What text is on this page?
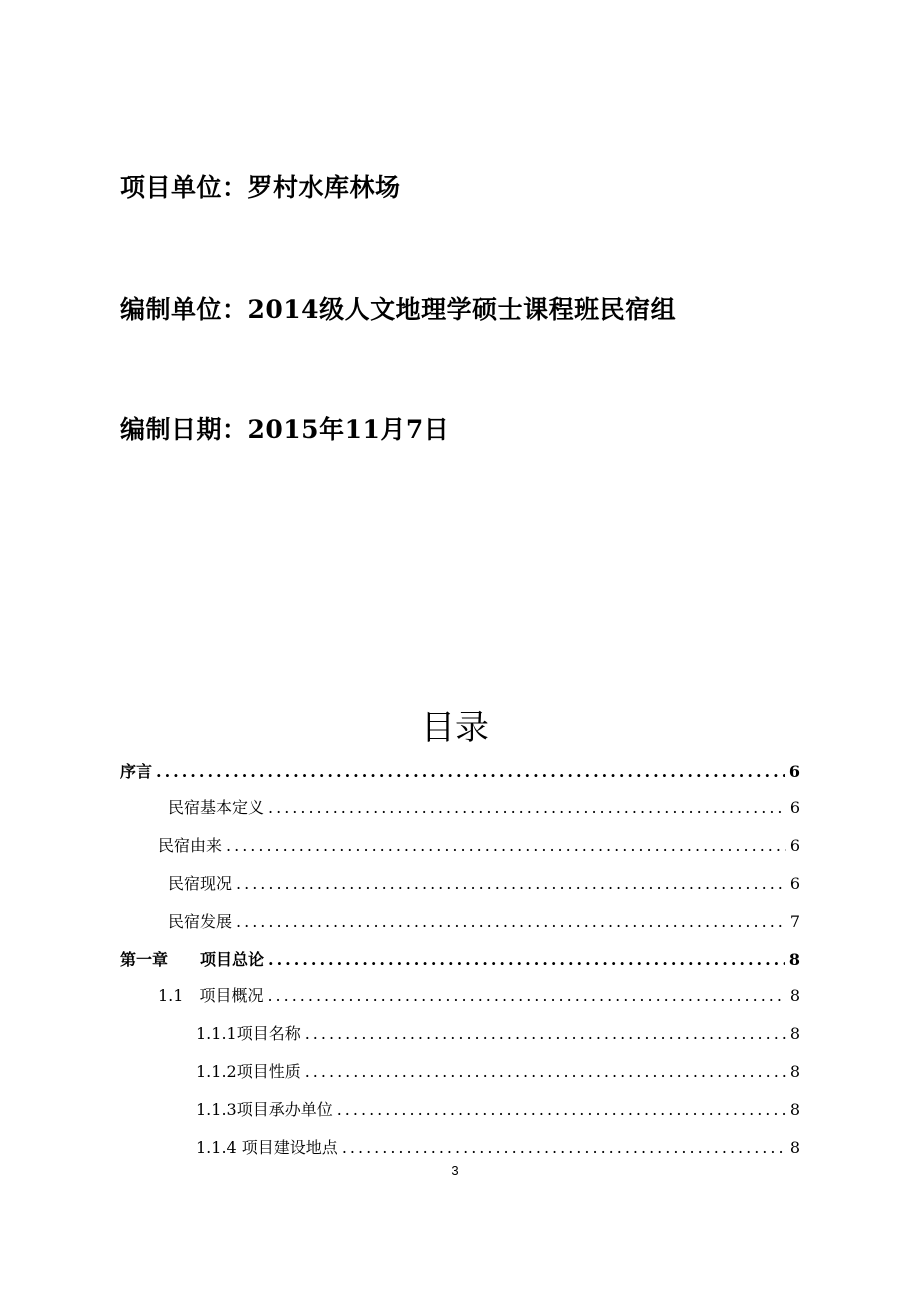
项目单位：罗村水库林场
编制单位：2014级人文地理学硕士课程班民宿组
编制日期：2015年11月7日
目录
序言 .....	6
民宿基本定义 .....	6
民宿由来 .....	6
民宿现况 .....	6
民宿发展 .....	7
第一章　　项目总论 .....	8
1.1　项目概况 .....	8
1.1.1项目名称 .....	8
1.1.2项目性质 .....	8
1.1.3项目承办单位 .....	8
1.1.4 项目建设地点 .....	8
3
